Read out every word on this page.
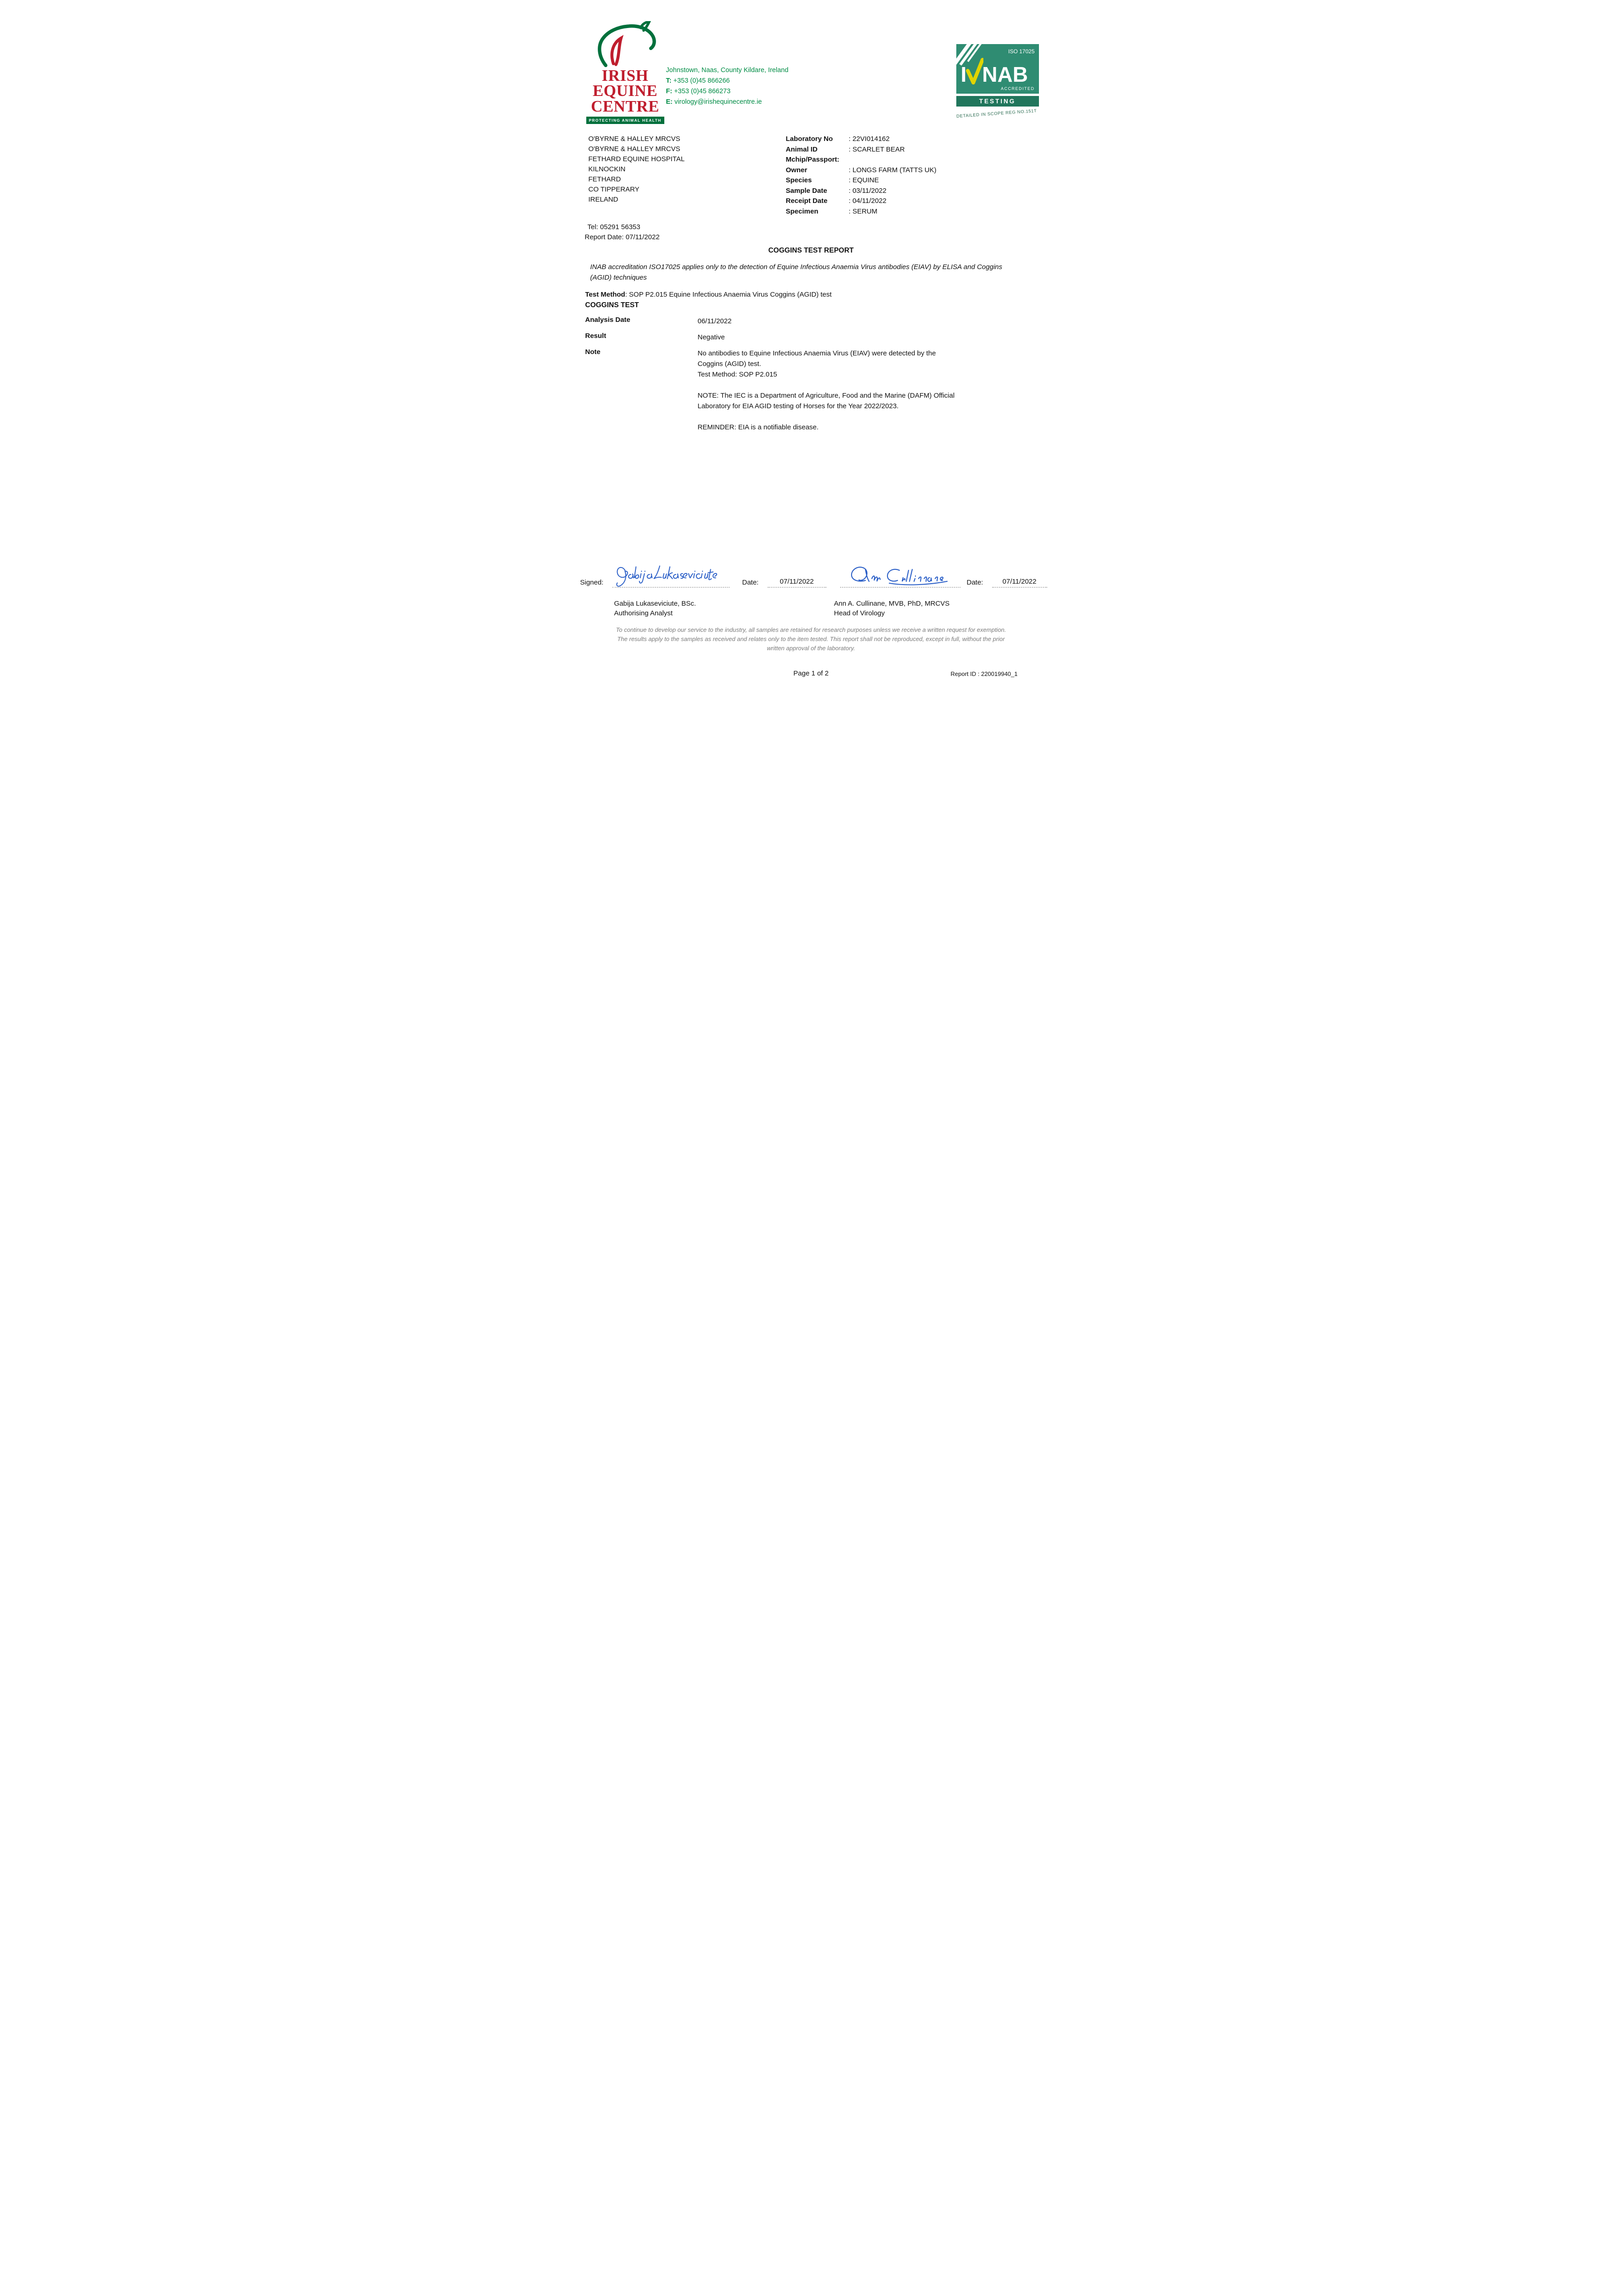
IRISH
EQUINE
CENTRE
PROTECTING ANIMAL HEALTH
Johnstown, Naas, County Kildare, Ireland
T: +353 (0)45 866266
F: +353 (0)45 866273
E: virology@irishequinecentre.ie
ISO 17025
I NAB
ACCREDITED
TESTING
DETAILED IN SCOPE REG NO.151T
O'BYRNE & HALLEY MRCVS
O'BYRNE & HALLEY MRCVS
FETHARD EQUINE HOSPITAL
KILNOCKIN
FETHARD
CO TIPPERARY
IRELAND
Laboratory No	: 22VI014162
Animal ID	: SCARLET BEAR
Mchip/Passport:
Owner	: LONGS FARM (TATTS UK)
Species	: EQUINE
Sample Date	: 03/11/2022
Receipt Date	: 04/11/2022
Specimen	: SERUM
Tel: 05291 56353
Report Date: 07/11/2022
COGGINS TEST REPORT
INAB accreditation ISO17025 applies only to the detection of Equine Infectious Anaemia Virus antibodies (EIAV) by ELISA and Coggins (AGID) techniques
Test Method: SOP P2.015 Equine Infectious Anaemia Virus Coggins (AGID) test
COGGINS TEST
Analysis Date	06/11/2022
Result	Negative
Note	No antibodies to Equine Infectious Anaemia Virus (EIAV) were detected by the Coggins (AGID) test.

Test Method: SOP P2.015

NOTE: The IEC is a Department of Agriculture, Food and the Marine (DAFM) Official Laboratory for EIA AGID testing of Horses for the Year 2022/2023.

REMINDER: EIA is a notifiable disease.

Signed:	Date:	07/11/2022	Date:	07/11/2022
Gabija Lukaseviciute, BSc.
Authorising Analyst
Ann A. Cullinane, MVB, PhD, MRCVS
Head of Virology
To continue to develop our service to the industry, all samples are retained for research purposes unless we receive a written request for exemption.
The results apply to the samples as received and relates only to the item tested. This report shall not be reproduced, except in full, without the prior
written approval of the laboratory.
Page 1 of 2	Report ID : 220019940_1
